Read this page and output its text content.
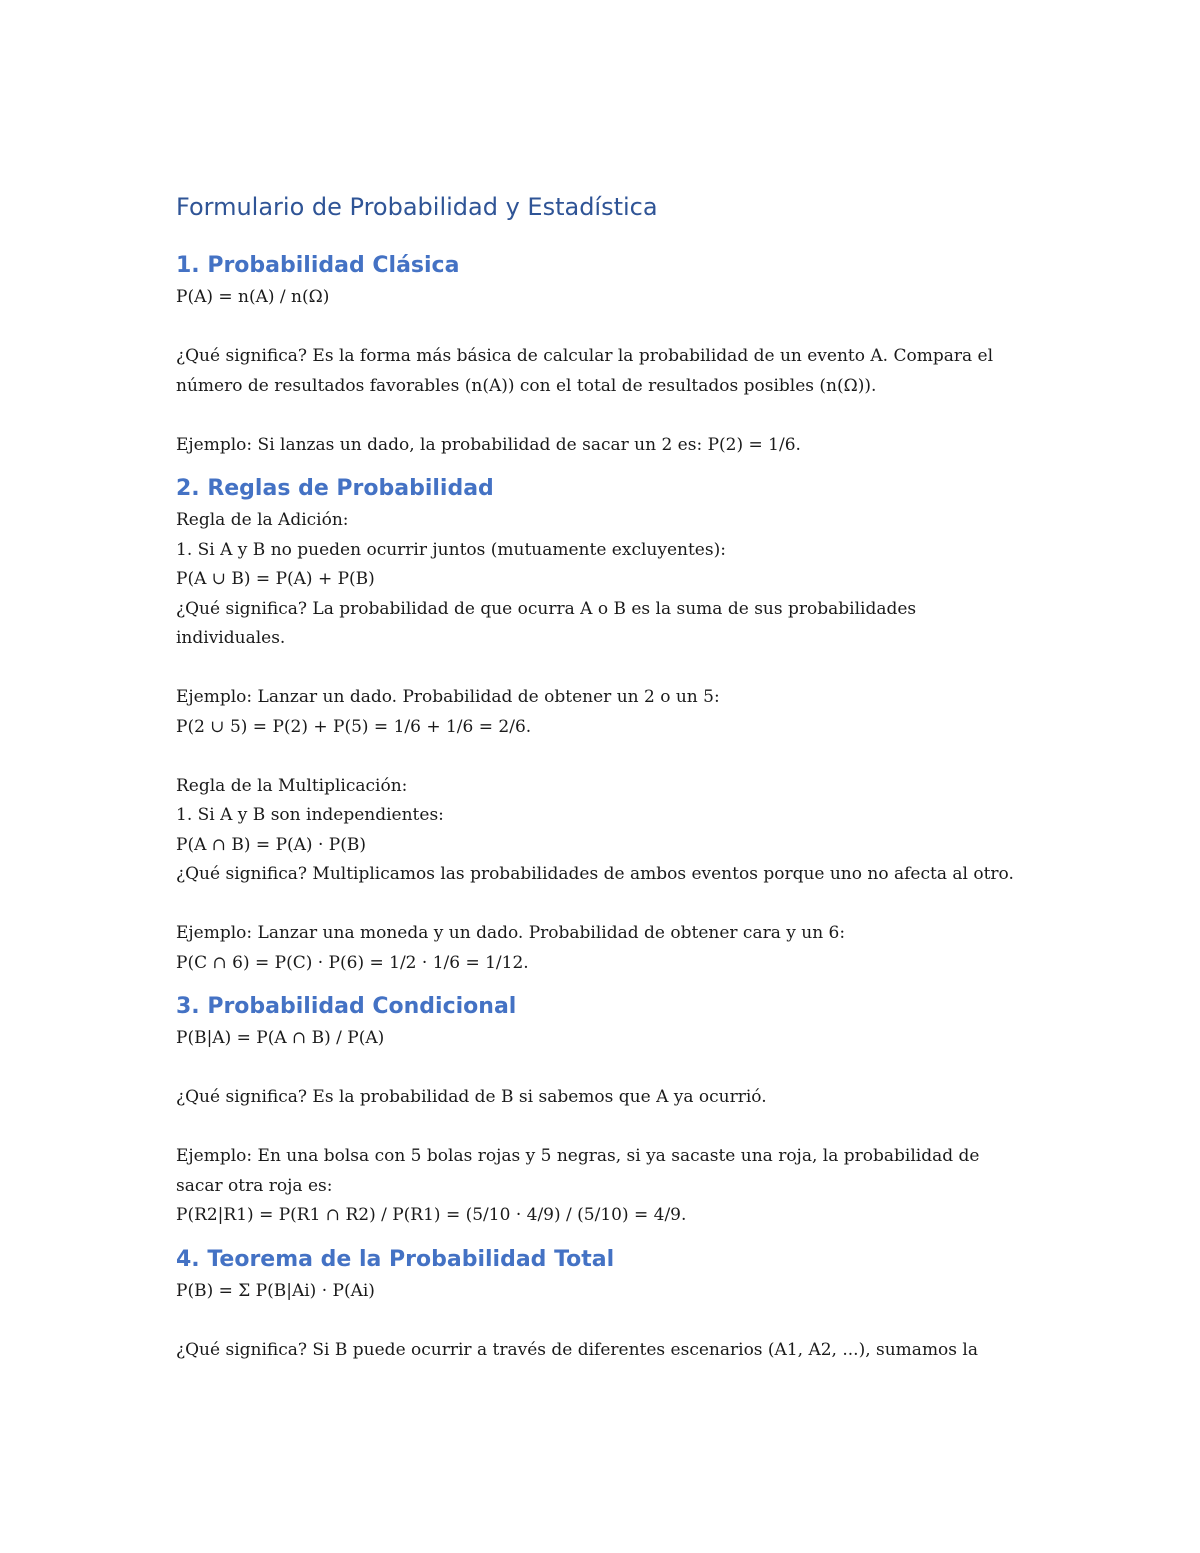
Formulario de Probabilidad y Estadística
1. Probabilidad Clásica

P(A) = n(A) / n(Ω)

¿Qué significa? Es la forma más básica de calcular la probabilidad de un evento A. Compara el número de resultados favorables (n(A)) con el total de resultados posibles (n(Ω)).

Ejemplo: Si lanzas un dado, la probabilidad de sacar un 2 es: P(2) = 1/6.

2. Reglas de Probabilidad

Regla de la Adición:

1. Si A y B no pueden ocurrir juntos (mutuamente excluyentes):

P(A ∪ B) = P(A) + P(B)

¿Qué significa? La probabilidad de que ocurra A o B es la suma de sus probabilidades individuales.

Ejemplo: Lanzar un dado. Probabilidad de obtener un 2 o un 5:

P(2 ∪ 5) = P(2) + P(5) = 1/6 + 1/6 = 2/6.

Regla de la Multiplicación:

1. Si A y B son independientes:

P(A ∩ B) = P(A) · P(B)

¿Qué significa? Multiplicamos las probabilidades de ambos eventos porque uno no afecta al otro.

Ejemplo: Lanzar una moneda y un dado. Probabilidad de obtener cara y un 6:

P(C ∩ 6) = P(C) · P(6) = 1/2 · 1/6 = 1/12.

3. Probabilidad Condicional

P(B|A) = P(A ∩ B) / P(A)

¿Qué significa? Es la probabilidad de B si sabemos que A ya ocurrió.

Ejemplo: En una bolsa con 5 bolas rojas y 5 negras, si ya sacaste una roja, la probabilidad de sacar otra roja es:

P(R2|R1) = P(R1 ∩ R2) / P(R1) = (5/10 · 4/9) / (5/10) = 4/9.

4. Teorema de la Probabilidad Total

P(B) = Σ P(B|Ai) · P(Ai)

¿Qué significa? Si B puede ocurrir a través de diferentes escenarios (A1, A2, ...), sumamos la
